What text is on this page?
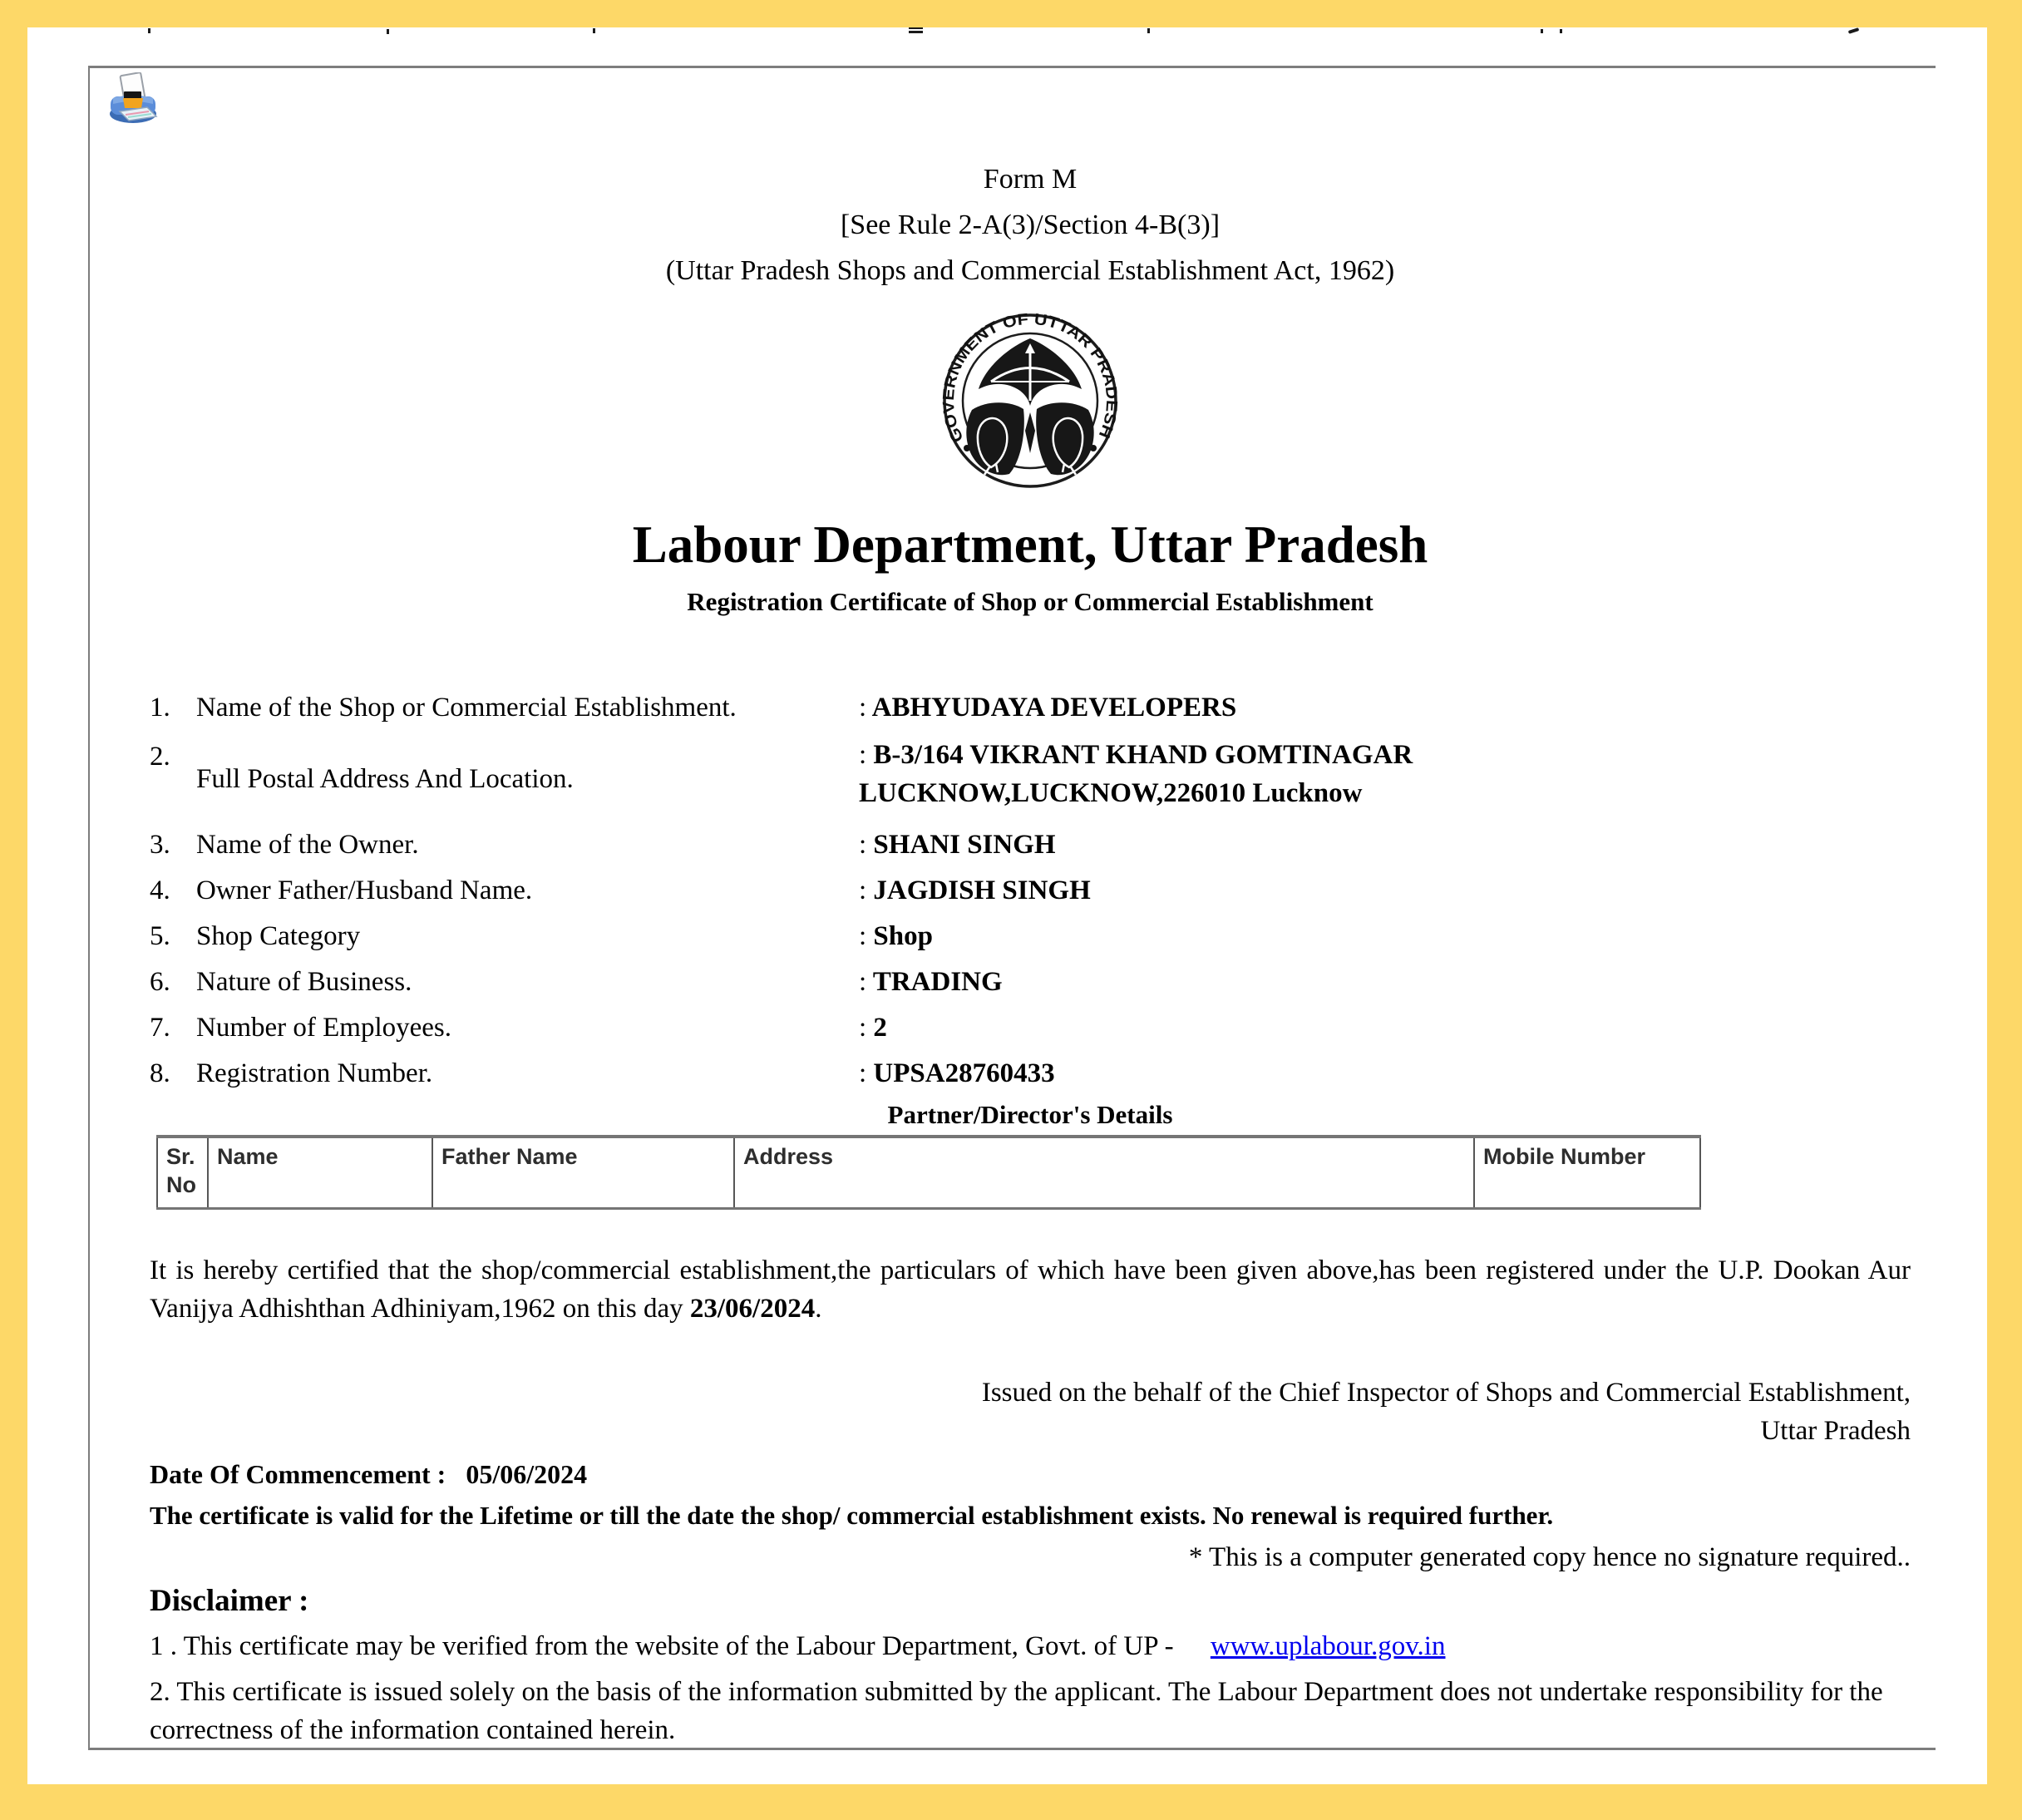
Form M
[See Rule 2-A(3)/Section 4-B(3)]
(Uttar Pradesh Shops and Commercial Establishment Act, 1962)
GOVERNMENT OF UTTAR PRADESH
Labour Department, Uttar Pradesh
Registration Certificate of Shop or Commercial Establishment
1. Name of the Shop or Commercial Establishment.	: ABHYUDAYA DEVELOPERS
2.
Full Postal Address And Location.
: B-3/164 VIKRANT KHAND GOMTINAGAR
LUCKNOW,LUCKNOW,226010 Lucknow
3. Name of the Owner.	: SHANI SINGH
4. Owner Father/Husband Name.	: JAGDISH SINGH
5. Shop Category	: Shop
6. Nature of Business.	: TRADING
7. Number of Employees.	: 2
8. Registration Number.	: UPSA28760433
Partner/Director's Details
Sr. No	Name	Father Name	Address	Mobile Number

It is hereby certified that the shop/commercial establishment,the particulars of which have been given above,has been registered under the U.P. Dookan Aur Vanijya Adhishthan Adhiniyam,1962 on this day 23/06/2024.

Issued on the behalf of the Chief Inspector of Shops and Commercial Establishment,
Uttar Pradesh
Date Of Commencement : 05/06/2024
The certificate is valid for the Lifetime or till the date the shop/ commercial establishment exists. No renewal is required further.
* This is a computer generated copy hence no signature required..
Disclaimer :
1 . This certificate may be verified from the website of the Labour Department, Govt. of UP - www.uplabour.gov.in
2. This certificate is issued solely on the basis of the information submitted by the applicant. The Labour Department does not undertake responsibility for the correctness of the information contained herein.
